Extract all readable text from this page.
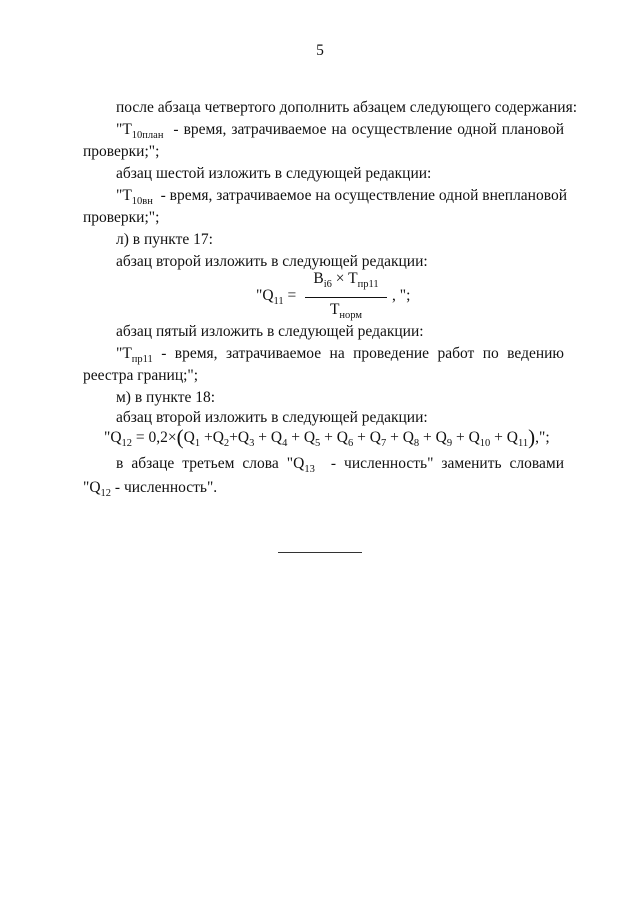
5
после абзаца четвертого дополнить абзацем следующего содержания:
"$T_{10план}$ - время, затрачиваемое на осуществление одной плановой
проверки;";
абзац шестой изложить в следующей редакции:
"$T_{10вн}$ - время, затрачиваемое на осуществление одной внеплановой
проверки;";
л) в пункте 17:
абзац второй изложить в следующей редакции:
"$Q_{11}$ =
$B_{i6} \times T_{пр11}$
$T_{норм}$
, ";
абзац пятый изложить в следующей редакции:
"$T_{пр11}$ - время, затрачиваемое на проведение работ по ведению
реестра границ;";
м) в пункте 18:
абзац второй изложить в следующей редакции:
"$Q_{12} = 0,2\times(Q_1 +Q_2+Q_3 + Q_4 + Q_5 + Q_6 + Q_7 + Q_8 + Q_9 + Q_{10} + Q_{11})$,";
в абзаце третьем слова "$Q_{13}$ - численность" заменить словами
"$Q_{12}$ - численность".
